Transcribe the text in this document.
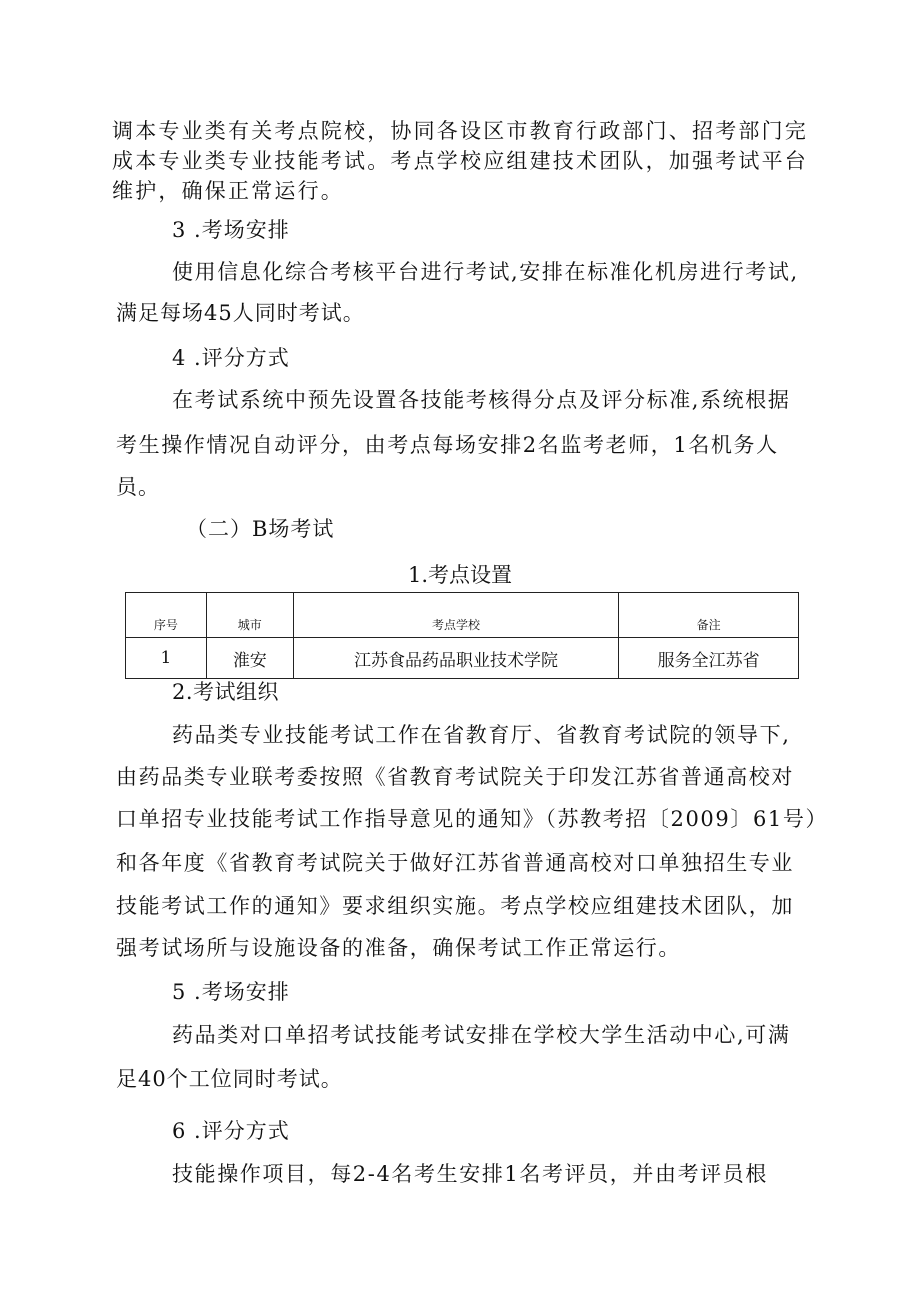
调本专业类有关考点院校，协同各设区市教育行政部门、招考部门完
成本专业类专业技能考试。考点学校应组建技术团队，加强考试平台
维护，确保正常运行。
3 .考场安排
使用信息化综合考核平台进行考试,安排在标准化机房进行考试,
满足每场45人同时考试。
4 .评分方式
在考试系统中预先设置各技能考核得分点及评分标准,系统根据
考生操作情况自动评分，由考点每场安排2名监考老师，1名机务人
员。
（二）B场考试
1.考点设置
序号	城市	考点学校	备注
1	淮安	江苏食品药品职业技术学院	服务全江苏省
2.考试组织
药品类专业技能考试工作在省教育厅、省教育考试院的领导下,
由药品类专业联考委按照《省教育考试院关于印发江苏省普通高校对
口单招专业技能考试工作指导意见的通知》（苏教考招〔2009〕61号）
和各年度《省教育考试院关于做好江苏省普通高校对口单独招生专业
技能考试工作的通知》要求组织实施。考点学校应组建技术团队，加
强考试场所与设施设备的准备，确保考试工作正常运行。
5 .考场安排
药品类对口单招考试技能考试安排在学校大学生活动中心,可满
足40个工位同时考试。
6 .评分方式
技能操作项目，每2-4名考生安排1名考评员，并由考评员根
